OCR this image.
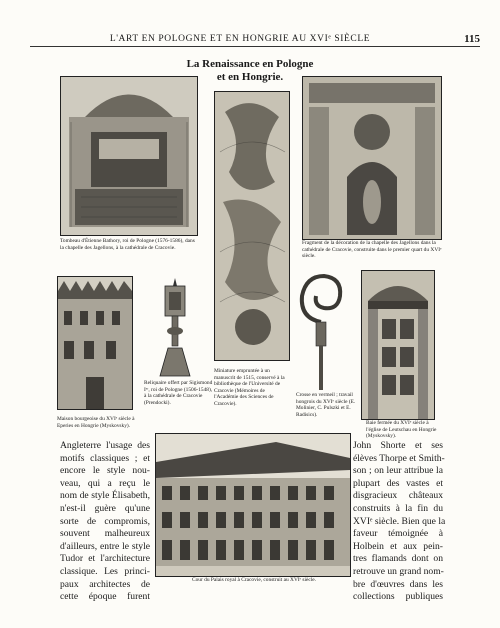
L'ART EN POLOGNE ET EN HONGRIE AU XVIᵉ SIÈCLE	115
La Renaissance en Pologne
et en Hongrie.
Tombeau d'Étienne Bathory, roi de Pologne (1576-1586), dans la chapelle des Jagellons, à la cathédrale de Cracovie.
Miniature empruntée à un manuscrit de 1515, conservé à la bibliothèque de l'Université de Cracovie (Mémoires de l'Académie des Sciences de Cracovie).
Fragment de la décoration de la chapelle des Jagellons dans la cathédrale de Cracovie, construite dans le premier quart du XVIᵉ siècle.
Maison bourgeoise du XVIᵉ siècle à Eperies en Hongrie (Myskovsky).
Reliquaire offert par Sigismond Iᵉʳ, roi de Pologne (1506-1548), à la cathédrale de Cracovie (Prendocki).
Crosse en vermeil ; travail hongrois du XVIᵉ siècle (E. Molinier, C. Pulszki et E. Radisics).
Baie fermée du XVIᵉ siècle à l'église de Leutschau en Hongrie (Myskovsky).
Cour du Palais royal à Cracovie, construit au XVIᵉ siècle.
Angleterre l'usage des
motifs classiques ; et
encore le style nou-
veau, qui a reçu le
nom de style Élisabeth,
n'est-il guère qu'une
sorte de compromis,
souvent malheureux
d'ailleurs, entre le style
Tudor et l'architecture
classique. Les princi-
paux architectes de
cette époque furent
John Shorte et ses
élèves Thorpe et Smith-
son ; on leur attribue la
plupart des vastes et
disgracieux châteaux
construits à la fin du
XVIᵉ siècle. Bien que la
faveur témoignée à
Holbein et aux pein-
tres flamands dont on
retrouve un grand nom-
bre d'œuvres dans les
collections publiques
